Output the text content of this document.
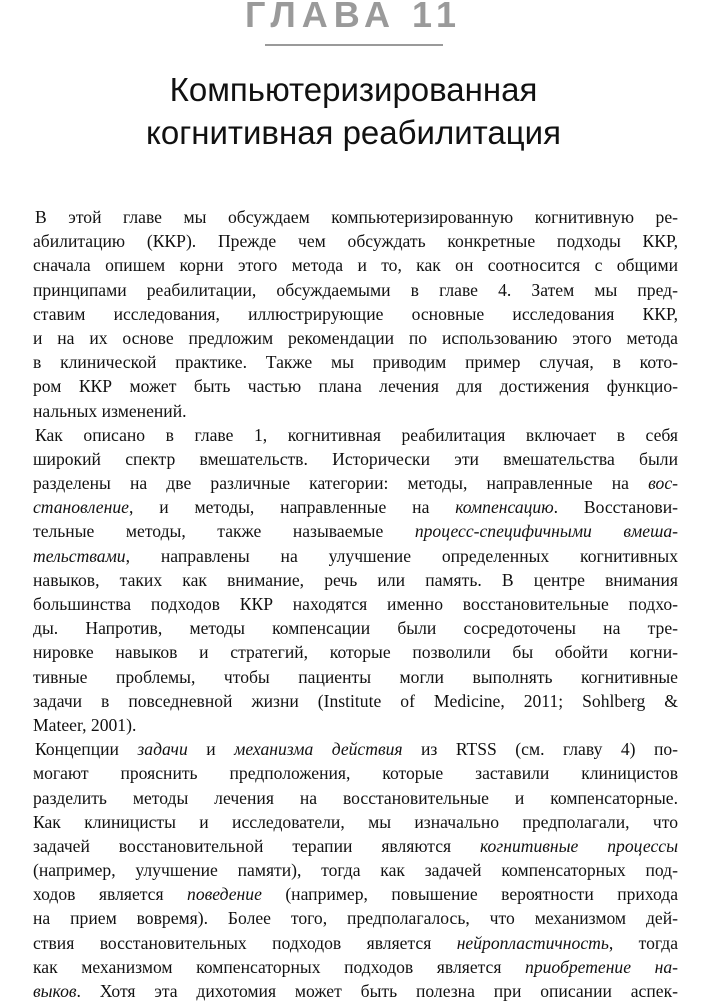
ГЛАВА 11
Компьютеризированная
когнитивная реабилитация
В этой главе мы обсуждаем компьютеризированную когнитивную ре-
абилитацию (ККР). Прежде чем обсуждать конкретные подходы ККР,
сначала опишем корни этого метода и то, как он соотносится с общими
принципами реабилитации, обсуждаемыми в главе 4. Затем мы пред-
ставим исследования, иллюстрирующие основные исследования ККР,
и на их основе предложим рекомендации по использованию этого метода
в клинической практике. Также мы приводим пример случая, в кото-
ром ККР может быть частью плана лечения для достижения функцио-
нальных изменений.
Как описано в главе 1, когнитивная реабилитация включает в себя
широкий спектр вмешательств. Исторически эти вмешательства были
разделены на две различные категории: методы, направленные на вос-
становление, и методы, направленные на компенсацию. Восстанови-
тельные методы, также называемые процесс-специфичными вмеша-
тельствами, направлены на улучшение определенных когнитивных
навыков, таких как внимание, речь или память. В центре внимания
большинства подходов ККР находятся именно восстановительные подхо-
ды. Напротив, методы компенсации были сосредоточены на тре-
нировке навыков и стратегий, которые позволили бы обойти когни-
тивные проблемы, чтобы пациенты могли выполнять когнитивные
задачи в повседневной жизни (Institute of Medicine, 2011; Sohlberg &
Mateer, 2001).
Концепции задачи и механизма действия из RTSS (см. главу 4) по-
могают прояснить предположения, которые заставили клиницистов
разделить методы лечения на восстановительные и компенсаторные.
Как клиницисты и исследователи, мы изначально предполагали, что
задачей восстановительной терапии являются когнитивные процессы
(например, улучшение памяти), тогда как задачей компенсаторных под-
ходов является поведение (например, повышение вероятности прихода
на прием вовремя). Более того, предполагалось, что механизмом дей-
ствия восстановительных подходов является нейропластичность, тогда
как механизмом компенсаторных подходов является приобретение на-
выков. Хотя эта дихотомия может быть полезна при описании аспек-
